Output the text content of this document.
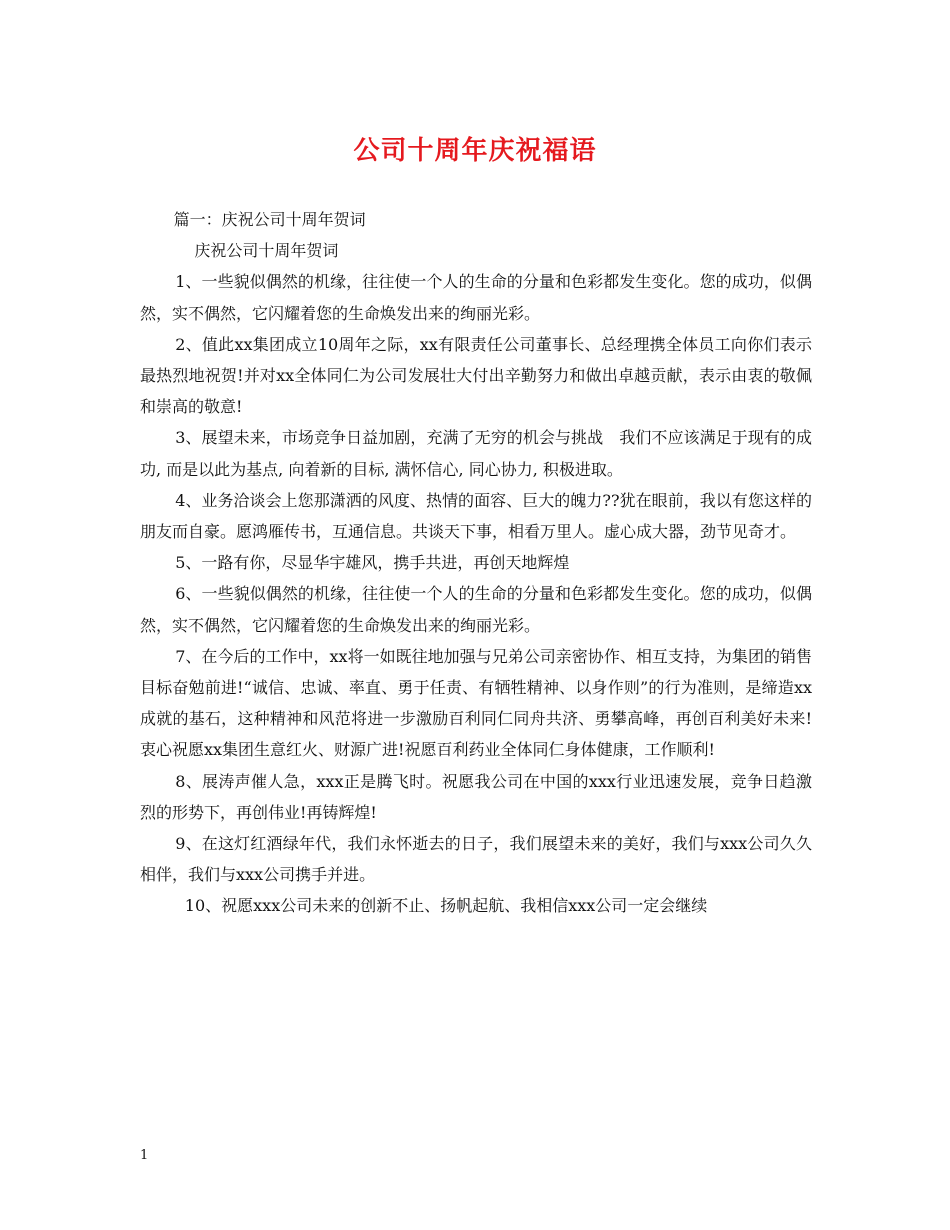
公司十周年庆祝福语

篇一：庆祝公司十周年贺词

庆祝公司十周年贺词

1、一些貌似偶然的机缘，往往使一个人的生命的分量和色彩都发生变化。您的成功，似偶然，实不偶然，它闪耀着您的生命焕发出来的绚丽光彩。

2、值此xx集团成立10周年之际，xx有限责任公司董事长、总经理携全体员工向你们表示最热烈地祝贺!并对xx全体同仁为公司发展壮大付出辛勤努力和做出卓越贡献，表示由衷的敬佩和崇高的敬意!

3、展望未来，市场竞争日益加剧，充满了无穷的机会与挑战　我们不应该满足于现有的成功, 而是以此为基点, 向着新的目标, 满怀信心, 同心协力, 积极进取。

4、业务洽谈会上您那潇洒的风度、热情的面容、巨大的魄力??犹在眼前，我以有您这样的朋友而自豪。愿鸿雁传书，互通信息。共谈天下事，相看万里人。虚心成大器，劲节见奇才。

5、一路有你，尽显华宇雄风，携手共进，再创天地辉煌

6、一些貌似偶然的机缘，往往使一个人的生命的分量和色彩都发生变化。您的成功，似偶然，实不偶然，它闪耀着您的生命焕发出来的绚丽光彩。

7、在今后的工作中，xx将一如既往地加强与兄弟公司亲密协作、相互支持，为集团的销售目标奋勉前进!“诚信、忠诚、率直、勇于任责、有牺牲精神、以身作则”的行为准则，是缔造xx成就的基石，这种精神和风范将进一步激励百利同仁同舟共济、勇攀高峰，再创百利美好未来!衷心祝愿xx集团生意红火、财源广进!祝愿百利药业全体同仁身体健康，工作顺利!

8、展涛声催人急，xxx正是腾飞时。祝愿我公司在中国的xxx行业迅速发展，竞争日趋激烈的形势下，再创伟业!再铸辉煌!

9、在这灯红酒绿年代，我们永怀逝去的日子，我们展望未来的美好，我们与xxx公司久久相伴，我们与xxx公司携手并进。

10、祝愿xxx公司未来的创新不止、扬帆起航、我相信xxx公司一定会继续

1
